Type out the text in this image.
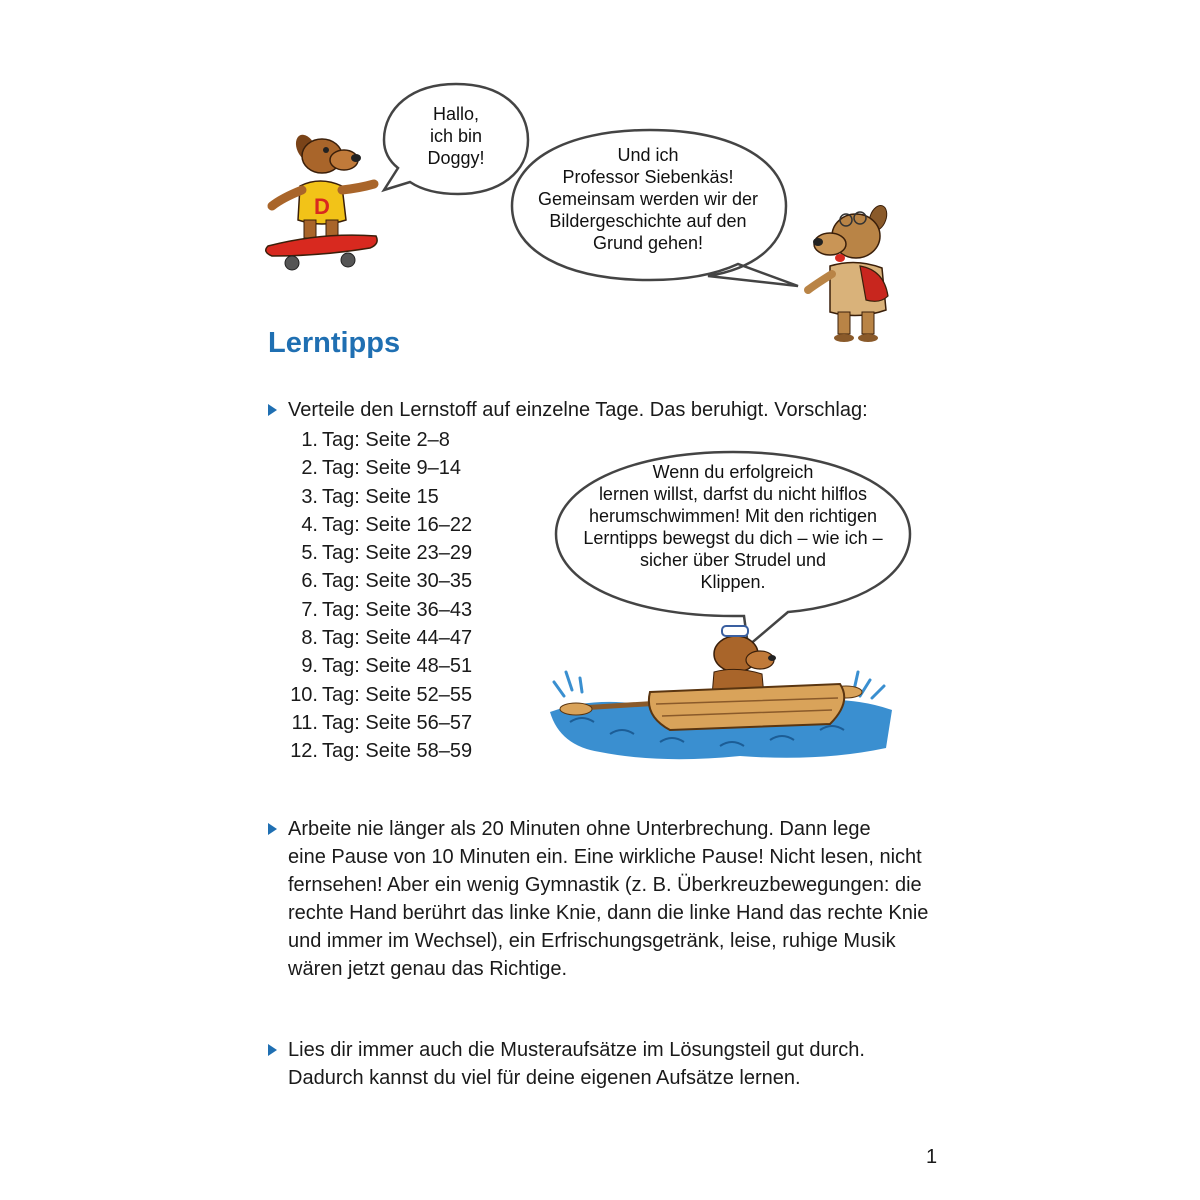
D
Hallo,
ich bin
Doggy!	Und ich
Professor Siebenkäs!
Gemeinsam werden wir der
Bildergeschichte auf den
Grund gehen!
Lerntipps
Verteile den Lernstoff auf einzelne Tage. Das beruhigt. Vorschlag:
1. Tag: Seite 2–8
2. Tag: Seite 9–14
3. Tag: Seite 15
4. Tag: Seite 16–22
5. Tag: Seite 23–29
6. Tag: Seite 30–35
7. Tag: Seite 36–43
8. Tag: Seite 44–47
9. Tag: Seite 48–51
10. Tag: Seite 52–55
11. Tag: Seite 56–57
12. Tag: Seite 58–59
Wenn du erfolgreich
lernen willst, darfst du nicht hilflos
herumschwimmen! Mit den richtigen
Lerntipps bewegst du dich – wie ich –
sicher über Strudel und
Klippen.
Arbeite nie länger als 20 Minuten ohne Unterbrechung. Dann lege
eine Pause von 10 Minuten ein. Eine wirkliche Pause! Nicht lesen, nicht
fernsehen! Aber ein wenig Gymnastik (z. B. Überkreuzbewegungen: die
rechte Hand berührt das linke Knie, dann die linke Hand das rechte Knie
und immer im Wechsel), ein Erfrischungsgetränk, leise, ruhige Musik
wären jetzt genau das Richtige.
Lies dir immer auch die Musteraufsätze im Lösungsteil gut durch.
Dadurch kannst du viel für deine eigenen Aufsätze lernen.
1
